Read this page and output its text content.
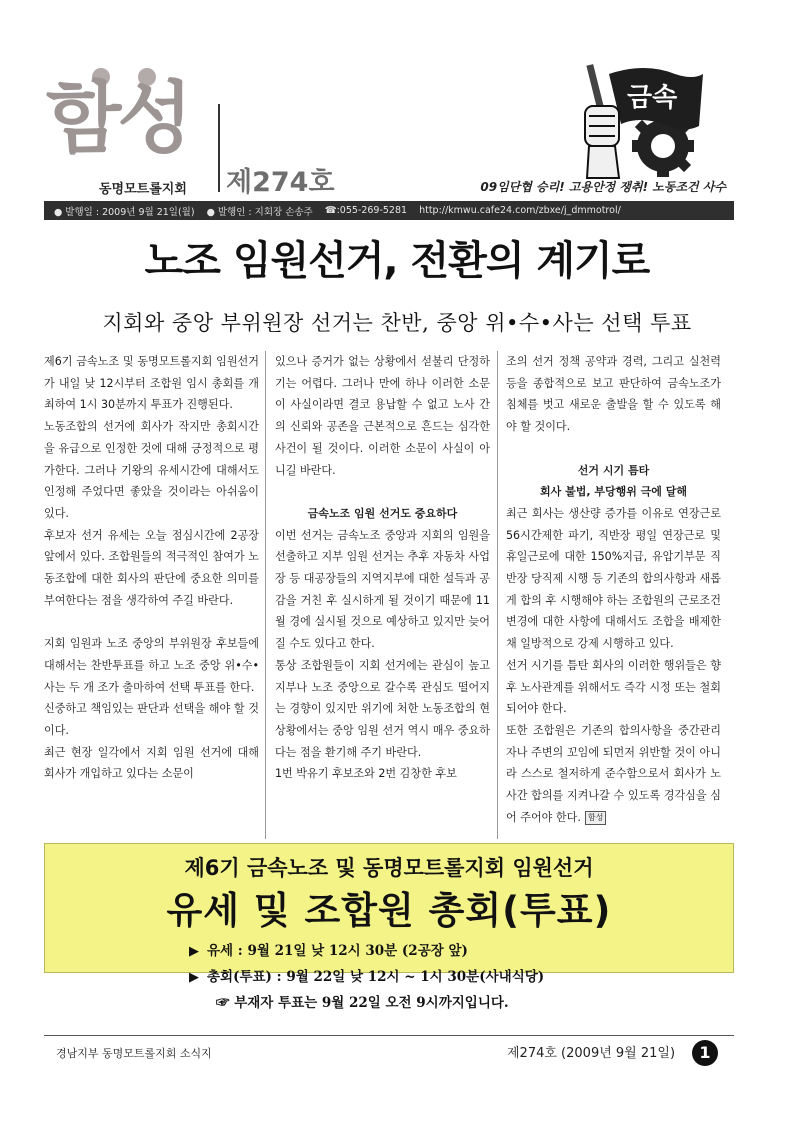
함성
동명모트롤지회 제274호	09임단협 승리! 고용안정 쟁취! 노동조건 사수
금속
● 발행일 : 2009년 9월 21일(월) ● 발행인 : 지회장 손송주 ☎:055-269-5281 http://kmwu.cafe24.com/zbxe/j_dmmotrol/
노조 임원선거, 전환의 계기로
지회와 중앙 부위원장 선거는 찬반, 중앙 위•수•사는 선택 투표

제6기 금속노조 및 동명모트롤지회 임원선거가 내일 낮 12시부터 조합원 임시 총회를 개최하여 1시 30분까지 투표가 진행된다.

노동조합의 선거에 회사가 작지만 총회시간을 유급으로 인정한 것에 대해 긍정적으로 평가한다. 그러나 기왕의 유세시간에 대해서도 인정해 주었다면 좋았을 것이라는 아쉬움이 있다.

후보자 선거 유세는 오늘 점심시간에 2공장 앞에서 있다. 조합원들의 적극적인 참여가 노동조합에 대한 회사의 판단에 중요한 의미를 부여한다는 점을 생각하여 주길 바란다.

지회 임원과 노조 중앙의 부위원장 후보들에 대해서는 찬반투표를 하고 노조 중앙 위•수•사는 두 개 조가 출마하여 선택 투표를 한다.

신중하고 책임있는 판단과 선택을 해야 할 것이다.

최근 현장 일각에서 지회 임원 선거에 대해 회사가 개입하고 있다는 소문이

있으나 증거가 없는 상황에서 섣불리 단정하기는 어렵다. 그러나 만에 하나 이러한 소문이 사실이라면 결코 용납할 수 없고 노사 간의 신뢰와 공존을 근본적으로 흔드는 심각한 사건이 될 것이다. 이러한 소문이 사실이 아니길 바란다.

금속노조 임원 선거도 중요하다

이번 선거는 금속노조 중앙과 지회의 임원을 선출하고 지부 임원 선거는 추후 자동차 사업장 등 대공장들의 지역지부에 대한 설득과 공감을 거친 후 실시하게 될 것이기 때문에 11월 경에 실시될 것으로 예상하고 있지만 늦어질 수도 있다고 한다.

통상 조합원들이 지회 선거에는 관심이 높고 지부나 노조 중앙으로 갈수록 관심도 떨어지는 경향이 있지만 위기에 처한 노동조합의 현 상황에서는 중앙 임원 선거 역시 매우 중요하다는 점을 환기해 주기 바란다.

1번 박유기 후보조와 2번 김창한 후보

조의 선거 정책 공약과 경력, 그리고 실천력 등을 종합적으로 보고 판단하여 금속노조가 침체를 벗고 새로운 출발을 할 수 있도록 해야 할 것이다.

선거 시기 틈타

회사 불법, 부당행위 극에 달해

최근 회사는 생산량 증가를 이유로 연장근로 56시간제한 파기, 직반장 평일 연장근로 및 휴일근로에 대한 150%지급, 유압기부문 직반장 당직제 시행 등 기존의 합의사항과 새롭게 합의 후 시행해야 하는 조합원의 근로조건 변경에 대한 사항에 대해서도 조합을 배제한 채 일방적으로 강제 시행하고 있다.

선거 시기를 틈탄 회사의 이러한 행위들은 향후 노사관계를 위해서도 즉각 시정 또는 철회되어야 한다.

또한 조합원은 기존의 합의사항을 중간관리자나 주변의 꼬임에 되먼저 위반할 것이 아니라 스스로 철저하게 준수함으로서 회사가 노사간 합의를 지켜나갈 수 있도록 경각심을 심어 주어야 한다. 함성

제6기 금속노조 및 동명모트롤지회 임원선거
유세 및 조합원 총회(투표)
▶ 유세 : 9월 21일 낮 12시 30분 (2공장 앞)
▶ 총회(투표) : 9월 22일 낮 12시 ~ 1시 30분(사내식당)
☞ 부재자 투표는 9월 22일 오전 9시까지입니다.
경남지부 동명모트롤지회 소식지	제274호 (2009년 9월 21일)	1
